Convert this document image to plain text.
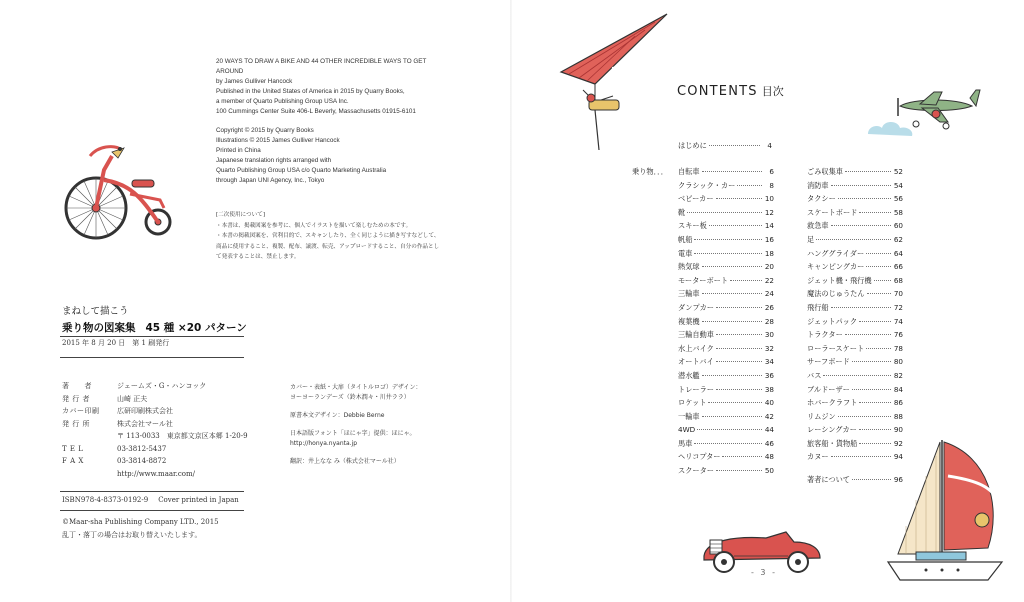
20 WAYS TO DRAW A BIKE AND 44 OTHER INCREDIBLE WAYS TO GET

AROUND

by James Gulliver Hancock

Published in the United States of America in 2015 by Quarry Books,

a member of Quarto Publishing Group USA Inc.

100 Cummings Center Suite 406-L Beverly, Massachusetts 01915-6101

Copyright © 2015 by Quarry Books

Illustrations © 2015 James Gulliver Hancock

Printed in China

Japanese translation rights arranged with

Quarto Publishing Group USA c/o Quarto Marketing Australia

through Japan UNI Agency, Inc., Tokyo

[二次使用について]

・本書は、掲載図案を参考に、個人でイラストを描いて楽しむための本です。

・本書の掲載図案を、営利目的で、スキャンしたり、全く同じように描き写すなどして、

商品に使用すること、複製、配布、譲渡、転売、アップロードすること、自分の作品とし

て発表することは、禁止します。

まねして描こう
乗り物の図案集 45 種 ×20 パターン
2015 年 8 月 20 日　第 1 刷発行
著　　者	ジェームズ・G・ハンコック
発 行 者	山崎 正夫
カバー印刷	広研印刷株式会社
発 行 所	株式会社マール社
〒 113-0033　東京都文京区本郷 1-20-9
T E L	03-3812-5437
F A X	03-3814-8872
http://www.maar.com/
ISBN978-4-8373-0192-9 Cover printed in Japan
©Maar-sha Publishing Company LTD., 2015
乱丁・落丁の場合はお取り替えいたします。

カバー・表紙・大扉（タイトルロゴ）デザイン：

ヨーヨーランデーズ（鈴木潤々・川井ララ）

原書本文デザイン：Debbie Berne

日本語版フォント「ほにゃ字」提供：ほにゃ。

http://honya.nyanta.jp

翻訳：井上なな み（株式会社マール社）

CONTENTS 目次
はじめに	4
乗り物．．． 自転車	6
クラシック・カー	8
ベビーカー	10
靴	12
スキー板	14
帆船	16
電車	18
熱気球	20
モーターボート	22
三輪車	24
ダンプカー	26
複葉機	28
三輪自動車	30
水上バイク	32
オートバイ	34
潜水艦	36
トレーラー	38
ロケット	40
一輪車	42
4WD	44
馬車	46
ヘリコプター	48
スクーター	50
ごみ収集車	52
消防車	54
タクシー	56
スケートボード	58
救急車	60
足	62
ハンググライダー	64
キャンピングカー	66
ジェット機・飛行機	68
魔法のじゅうたん	70
飛行船	72
ジェットパック	74
トラクター	76
ローラースケート	78
サーフボード	80
バス	82
ブルドーザー	84
ホバークラフト	86
リムジン	88
レーシングカー	90
旅客船・貨物船	92
カヌー	94
著者について	96
- 3 -
